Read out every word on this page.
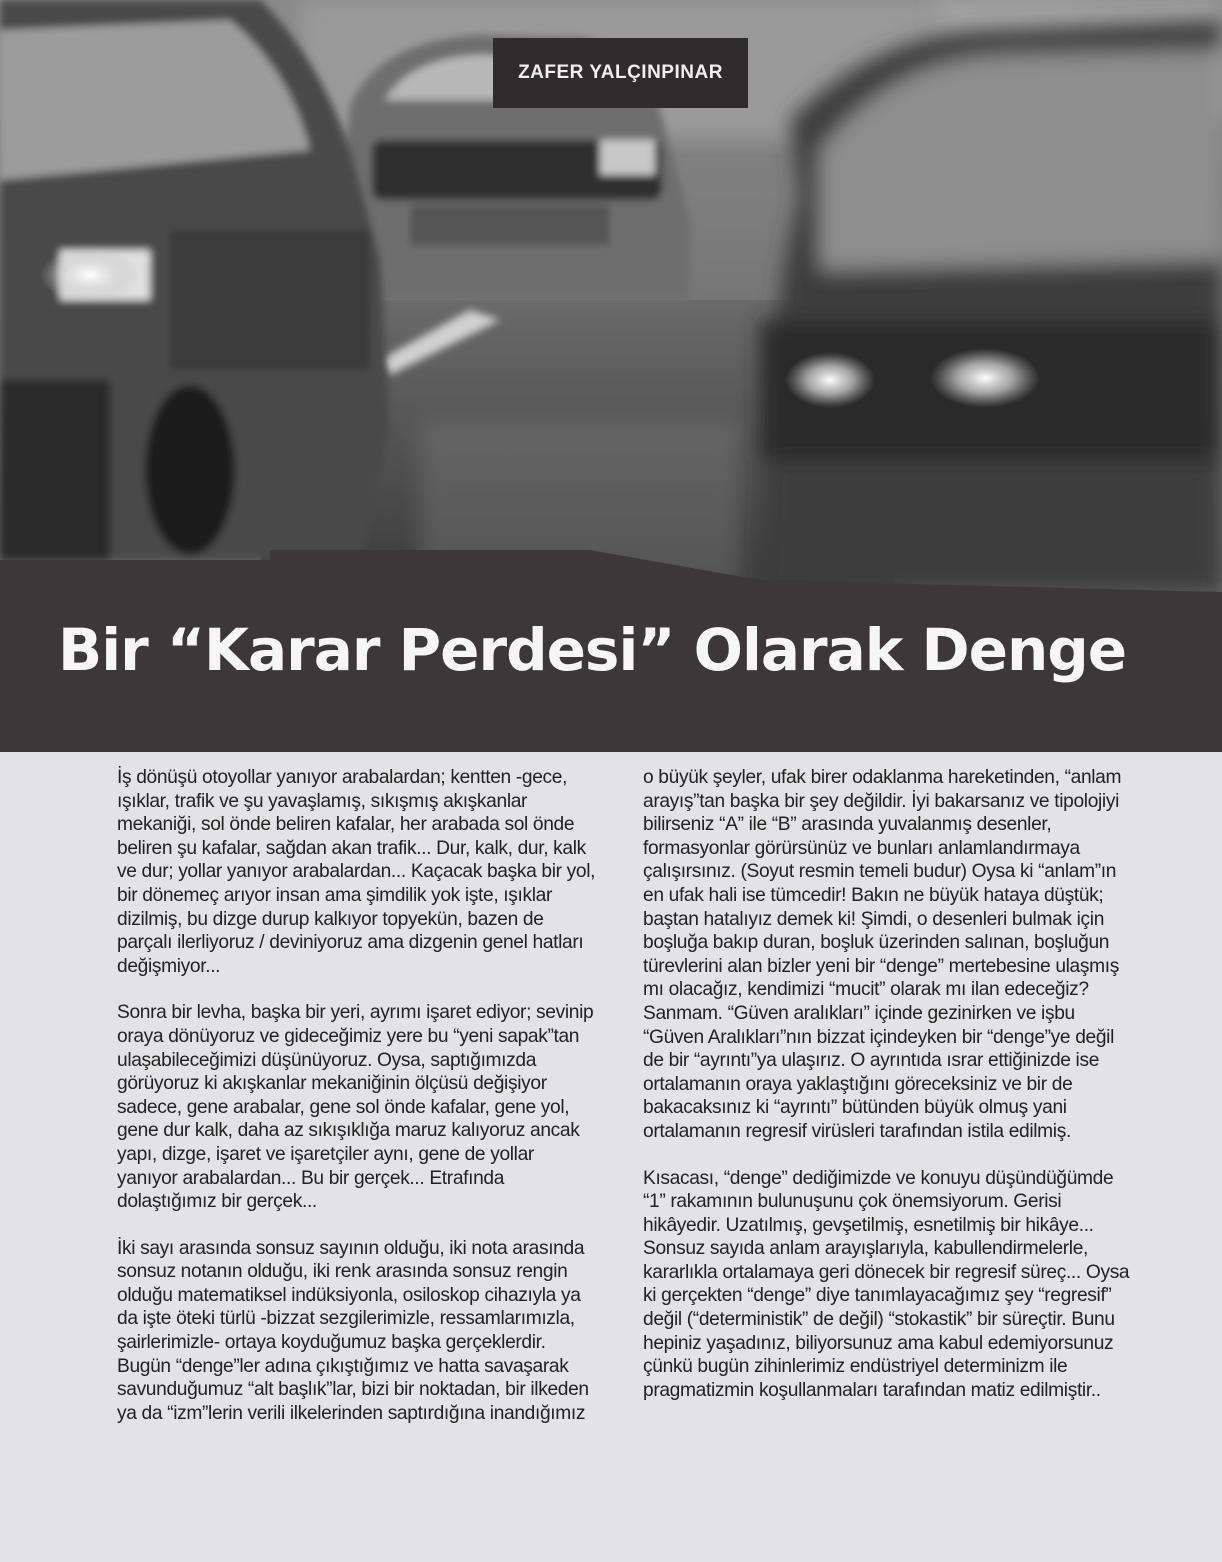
ZAFER YALÇINPINAR
Bir “Karar Perdesi” Olarak Denge

İş dönüşü otoyollar yanıyor arabalardan; kentten -gece, ışıklar, trafik ve şu yavaşlamış, sıkışmış akışkanlar mekaniği, sol önde beliren kafalar, her arabada sol önde beliren şu kafalar, sağdan akan trafik... Dur, kalk, dur, kalk ve dur; yollar yanıyor arabalardan... Kaçacak başka bir yol, bir dönemeç arıyor insan ama şimdilik yok işte, ışıklar dizilmiş, bu dizge durup kalkıyor topyekün, bazen de parçalı ilerliyoruz / deviniyoruz ama dizgenin genel hatları değişmiyor...

Sonra bir levha, başka bir yeri, ayrımı işaret ediyor; sevinip oraya dönüyoruz ve gideceğimiz yere bu “yeni sapak”tan ulaşabileceğimizi düşünüyoruz. Oysa, saptığımızda görüyoruz ki akışkanlar mekaniğinin ölçüsü değişiyor sadece, gene arabalar, gene sol önde kafalar, gene yol, gene dur kalk, daha az sıkışıklığa maruz kalıyoruz ancak yapı, dizge, işaret ve işaretçiler aynı, gene de yollar yanıyor arabalardan... Bu bir gerçek... Etrafında dolaştığımız bir gerçek...

İki sayı arasında sonsuz sayının olduğu, iki nota arasında sonsuz notanın olduğu, iki renk arasında sonsuz rengin olduğu matematiksel indüksiyonla, osiloskop cihazıyla ya da işte öteki türlü -bizzat sezgilerimizle, ressamlarımızla, şairlerimizle- ortaya koyduğumuz başka gerçeklerdir. Bugün “denge”ler adına çıkıştığımız ve hatta savaşarak savunduğumuz “alt başlık”lar, bizi bir noktadan, bir ilkeden ya da “izm”lerin verili ilkelerinden saptırdığına inandığımız

o büyük şeyler, ufak birer odaklanma hareketinden, “anlam arayış”tan başka bir şey değildir. İyi bakarsanız ve tipolojiyi bilirseniz “A” ile “B” arasında yuvalanmış desenler, formasyonlar görürsünüz ve bunları anlamlandırmaya çalışırsınız. (Soyut resmin temeli budur) Oysa ki “anlam”ın en ufak hali ise tümcedir! Bakın ne büyük hataya düştük; baştan hatalıyız demek ki! Şimdi, o desenleri bulmak için boşluğa bakıp duran, boşluk üzerinden salınan, boşluğun türevlerini alan bizler yeni bir “denge” mertebesine ulaşmış mı olacağız, kendimizi “mucit” olarak mı ilan edeceğiz? Sanmam. “Güven aralıkları” içinde gezinirken ve işbu “Güven Aralıkları”nın bizzat içindeyken bir “denge”ye değil de bir “ayrıntı”ya ulaşırız. O ayrıntıda ısrar ettiğinizde ise ortalamanın oraya yaklaştığını göreceksiniz ve bir de bakacaksınız ki “ayrıntı” bütünden büyük olmuş yani ortalamanın regresif virüsleri tarafından istila edilmiş.

Kısacası, “denge” dediğimizde ve konuyu düşündüğümde “1” rakamının bulunuşunu çok önemsiyorum. Gerisi hikâyedir. Uzatılmış, gevşetilmiş, esnetilmiş bir hikâye... Sonsuz sayıda anlam arayışlarıyla, kabullendirmelerle, kararlıkla ortalamaya geri dönecek bir regresif süreç... Oysa ki gerçekten “denge” diye tanımlayacağımız şey “regresif” değil (“deterministik” de değil) “stokastik” bir süreçtir. Bunu hepiniz yaşadınız, biliyorsunuz ama kabul edemiyorsunuz çünkü bugün zihinlerimiz endüstriyel determinizm ile pragmatizmin koşullanmaları tarafından matiz edilmiştir..
